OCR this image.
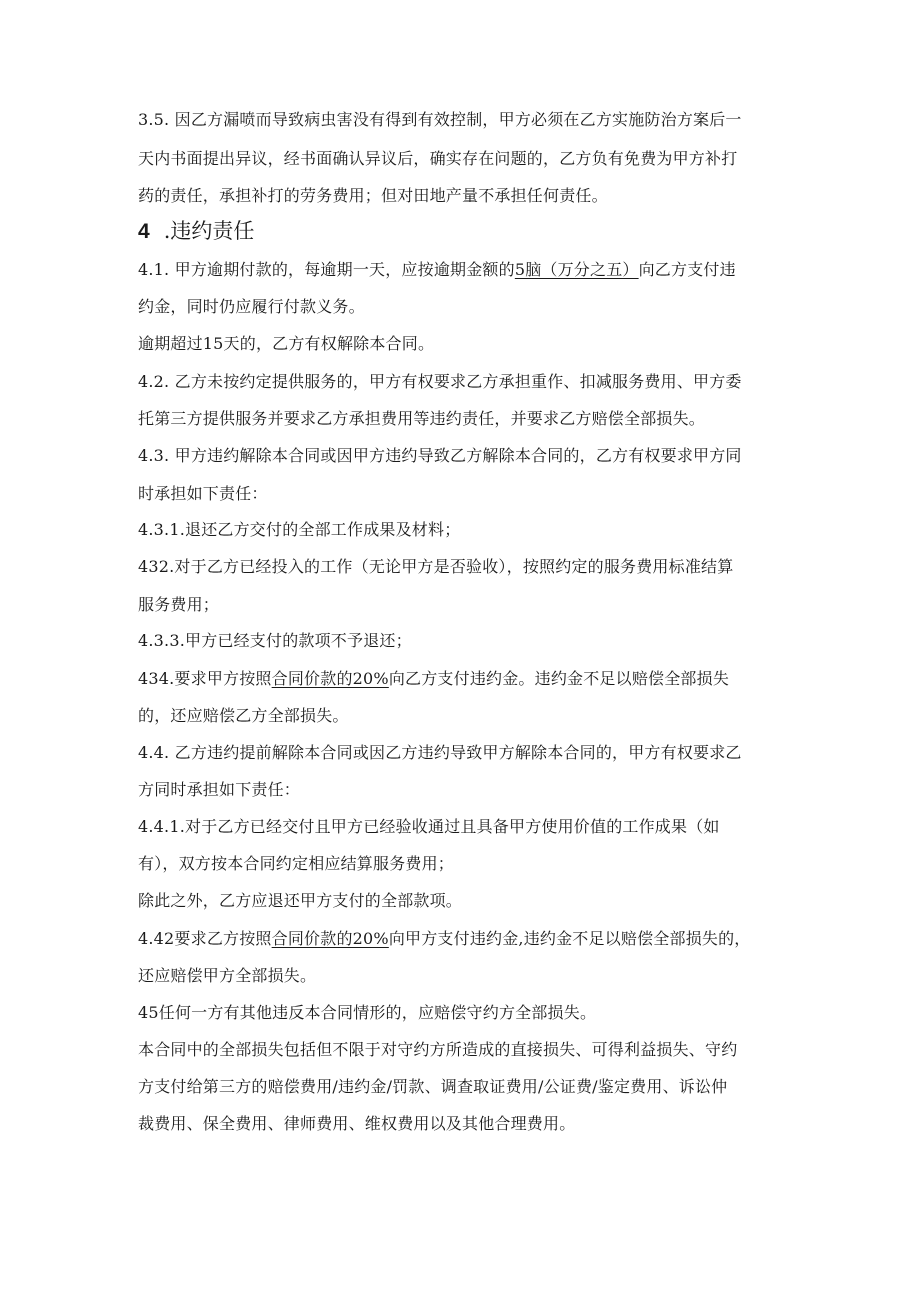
3.5. 因乙方漏喷而导致病虫害没有得到有效控制，甲方必须在乙方实施防治方案后一
天内书面提出异议，经书面确认异议后，确实存在问题的，乙方负有免费为甲方补打
药的责任，承担补打的劳务费用；但对田地产量不承担任何责任。
4 .违约责任
4.1. 甲方逾期付款的，每逾期一天，应按逾期金额的5脑（万分之五）向乙方支付违
约金，同时仍应履行付款义务。
逾期超过15天的，乙方有权解除本合同。
4.2. 乙方未按约定提供服务的，甲方有权要求乙方承担重作、扣减服务费用、甲方委
托第三方提供服务并要求乙方承担费用等违约责任，并要求乙方赔偿全部损失。
4.3. 甲方违约解除本合同或因甲方违约导致乙方解除本合同的，乙方有权要求甲方同
时承担如下责任：
4.3.1.退还乙方交付的全部工作成果及材料；
432.对于乙方已经投入的工作（无论甲方是否验收），按照约定的服务费用标准结算
服务费用；
4.3.3.甲方已经支付的款项不予退还；
434.要求甲方按照合同价款的20%向乙方支付违约金。违约金不足以赔偿全部损失
的，还应赔偿乙方全部损失。
4.4. 乙方违约提前解除本合同或因乙方违约导致甲方解除本合同的，甲方有权要求乙
方同时承担如下责任：
4.4.1.对于乙方已经交付且甲方已经验收通过且具备甲方使用价值的工作成果（如
有），双方按本合同约定相应结算服务费用；
除此之外，乙方应退还甲方支付的全部款项。
4.42要求乙方按照合同价款的20%向甲方支付违约金,违约金不足以赔偿全部损失的，
还应赔偿甲方全部损失。
45任何一方有其他违反本合同情形的，应赔偿守约方全部损失。
本合同中的全部损失包括但不限于对守约方所造成的直接损失、可得利益损失、守约
方支付给第三方的赔偿费用/违约金/罚款、调查取证费用/公证费/鉴定费用、诉讼仲
裁费用、保全费用、律师费用、维权费用以及其他合理费用。
